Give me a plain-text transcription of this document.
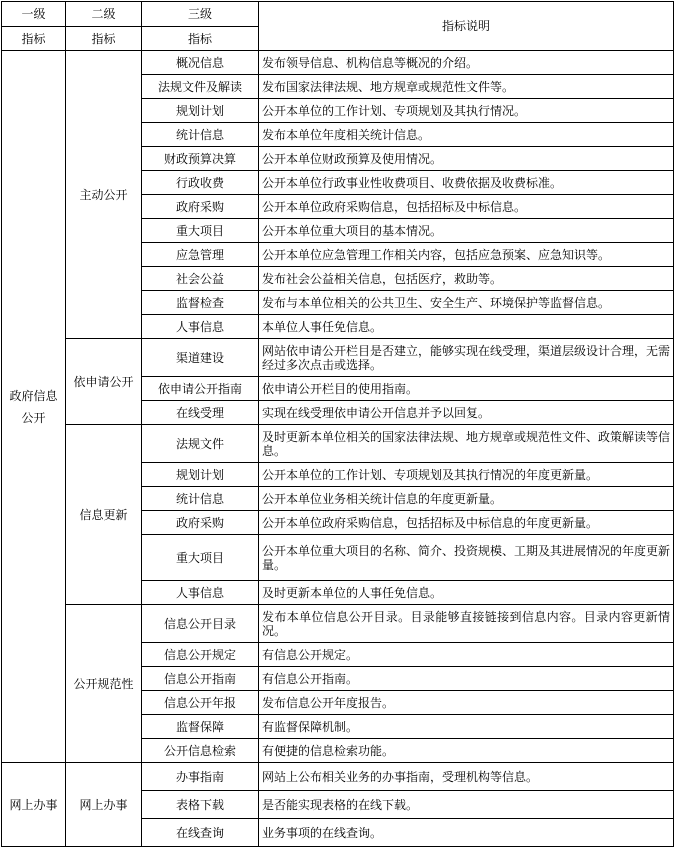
一级	二级	三级	指标说明
指标	指标	指标	
政府信息公开	主动公开	概况信息	发布领导信息、机构信息等概况的介绍。
		法规文件及解读	发布国家法律法规、地方规章或规范性文件等。
		规划计划	公开本单位的工作计划、专项规划及其执行情况。
		统计信息	发布本单位年度相关统计信息。
		财政预算决算	公开本单位财政预算及使用情况。
		行政收费	公开本单位行政事业性收费项目、收费依据及收费标准。
		政府采购	公开本单位政府采购信息，包括招标及中标信息。
		重大项目	公开本单位重大项目的基本情况。
		应急管理	公开本单位应急管理工作相关内容，包括应急预案、应急知识等。
		社会公益	发布社会公益相关信息，包括医疗，救助等。
		监督检查	发布与本单位相关的公共卫生、安全生产、环境保护等监督信息。
		人事信息	本单位人事任免信息。
	依申请公开	渠道建设	网站依申请公开栏目是否建立，能够实现在线受理，渠道层级设计合理，无需经过多次点击或选择。
		依申请公开指南	依申请公开栏目的使用指南。
		在线受理	实现在线受理依申请公开信息并予以回复。
	信息更新	法规文件	及时更新本单位相关的国家法律法规、地方规章或规范性文件、政策解读等信息。
		规划计划	公开本单位的工作计划、专项规划及其执行情况的年度更新量。
		统计信息	公开本单位业务相关统计信息的年度更新量。
		政府采购	公开本单位政府采购信息，包括招标及中标信息的年度更新量。
		重大项目	公开本单位重大项目的名称、简介、投资规模、工期及其进展情况的年度更新量。
		人事信息	及时更新本单位的人事任免信息。
	公开规范性	信息公开目录	发布本单位信息公开目录。目录能够直接链接到信息内容。目录内容更新情况。
		信息公开规定	有信息公开规定。
		信息公开指南	有信息公开指南。
		信息公开年报	发布信息公开年度报告。
		监督保障	有监督保障机制。
		公开信息检索	有便捷的信息检索功能。
网上办事	网上办事	办事指南	网站上公布相关业务的办事指南，受理机构等信息。
		表格下载	是否能实现表格的在线下载。
		在线查询	业务事项的在线查询。
